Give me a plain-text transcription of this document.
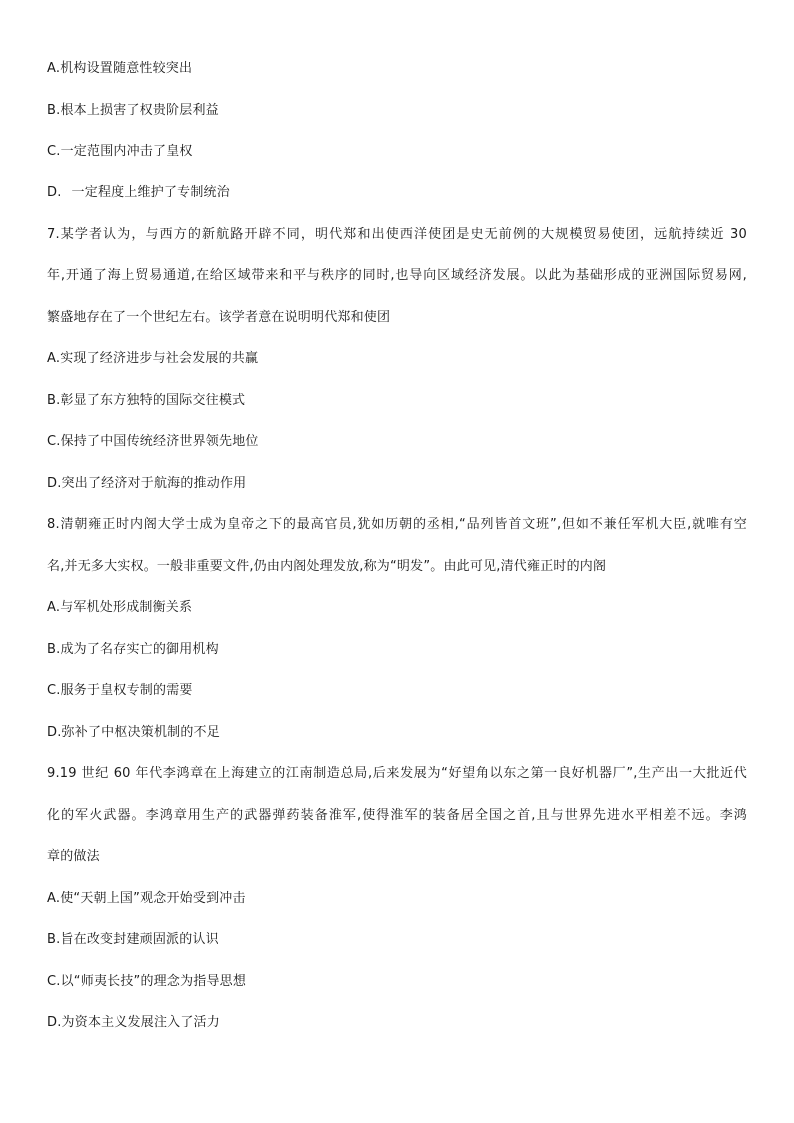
A.机构设置随意性较突出
B.根本上损害了权贵阶层利益
C.一定范围内冲击了皇权
D. 一定程度上维护了专制统治
7.某学者认为，与西方的新航路开辟不同，明代郑和出使西洋使团是史无前例的大规模贸易使团，远航持续近 30
年,开通了海上贸易通道,在给区域带来和平与秩序的同时,也导向区域经济发展。以此为基础形成的亚洲国际贸易网,
繁盛地存在了一个世纪左右。该学者意在说明明代郑和使团
A.实现了经济进步与社会发展的共赢
B.彰显了东方独特的国际交往模式
C.保持了中国传统经济世界领先地位
D.突出了经济对于航海的推动作用
8.清朝雍正时内阁大学士成为皇帝之下的最高官员,犹如历朝的丞相,“品列皆首文班”,但如不兼任军机大臣,就唯有空
名,并无多大实权。一般非重要文件,仍由内阁处理发放,称为“明发”。由此可见,清代雍正时的内阁
A.与军机处形成制衡关系
B.成为了名存实亡的御用机构
C.服务于皇权专制的需要
D.弥补了中枢决策机制的不足
9.19 世纪 60 年代李鸿章在上海建立的江南制造总局,后来发展为“好望角以东之第一良好机器厂”,生产出一大批近代
化的军火武器。李鸿章用生产的武器弹药装备淮军,使得淮军的装备居全国之首,且与世界先进水平相差不远。李鸿
章的做法
A.使“天朝上国”观念开始受到冲击
B.旨在改变封建顽固派的认识
C.以“师夷长技”的理念为指导思想
D.为资本主义发展注入了活力
